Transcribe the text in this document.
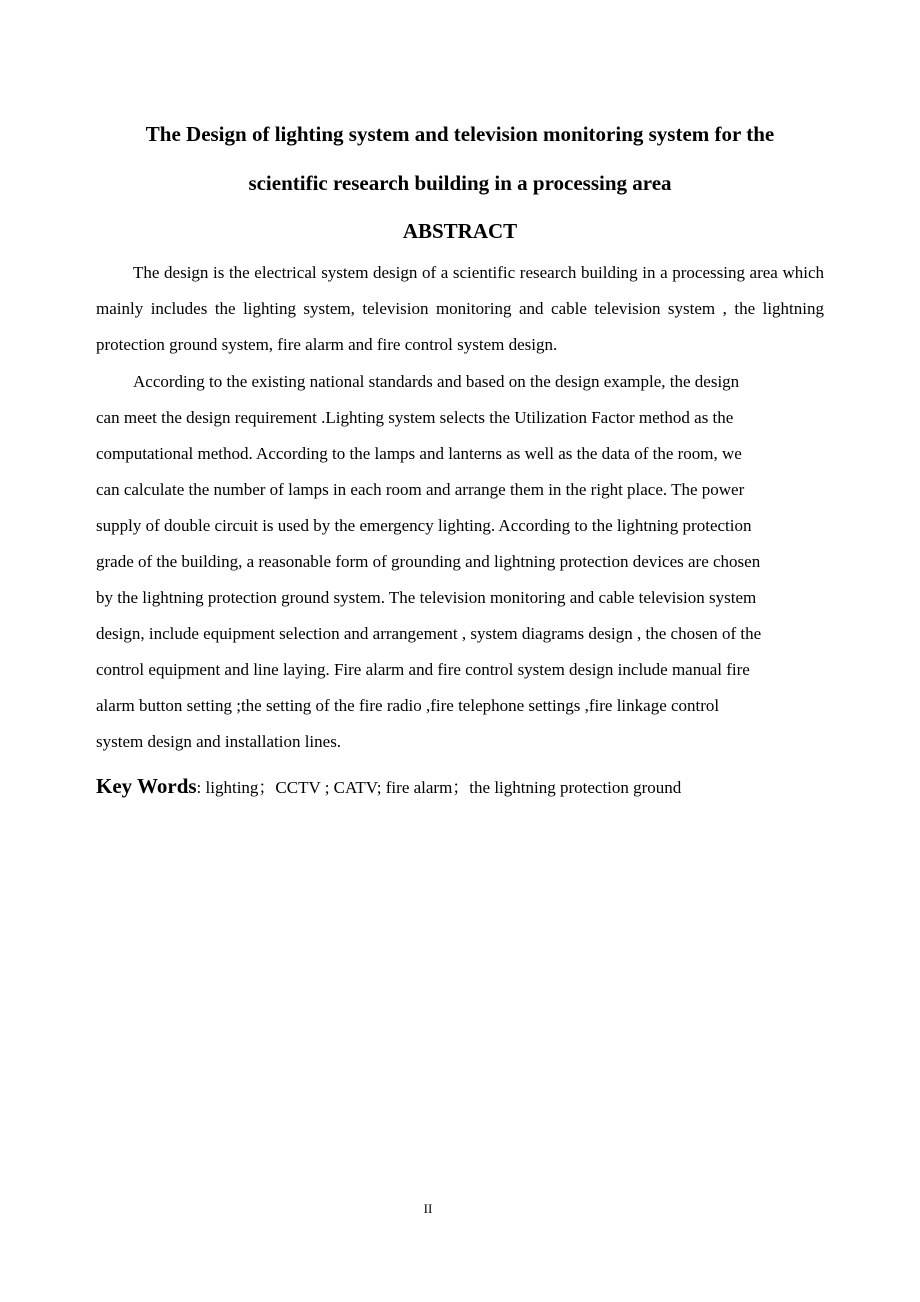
The Design of lighting system and television monitoring system for the
scientific research building in a processing area
ABSTRACT
The design is the electrical system design of a scientific research building in a processing area which mainly includes the lighting system, television monitoring and cable television system , the lightning protection ground system, fire alarm and fire control system design.
According to the existing national standards and based on the design example, the design
can meet the design requirement .Lighting system selects the Utilization Factor method as the
computational method. According to the lamps and lanterns as well as the data of the room, we
can calculate the number of lamps in each room and arrange them in the right place. The power
supply of double circuit is used by the emergency lighting. According to the lightning protection
grade of the building, a reasonable form of grounding and lightning protection devices are chosen
by the lightning protection ground system. The television monitoring and cable television system
design, include equipment selection and arrangement , system diagrams design , the chosen of the
control equipment and line laying. Fire alarm and fire control system design include manual fire
alarm button setting ;the setting of the fire radio ,fire telephone settings ,fire linkage control
system design and installation lines.
Key Words: lighting；CCTV ; CATV; fire alarm；the lightning protection ground
II
